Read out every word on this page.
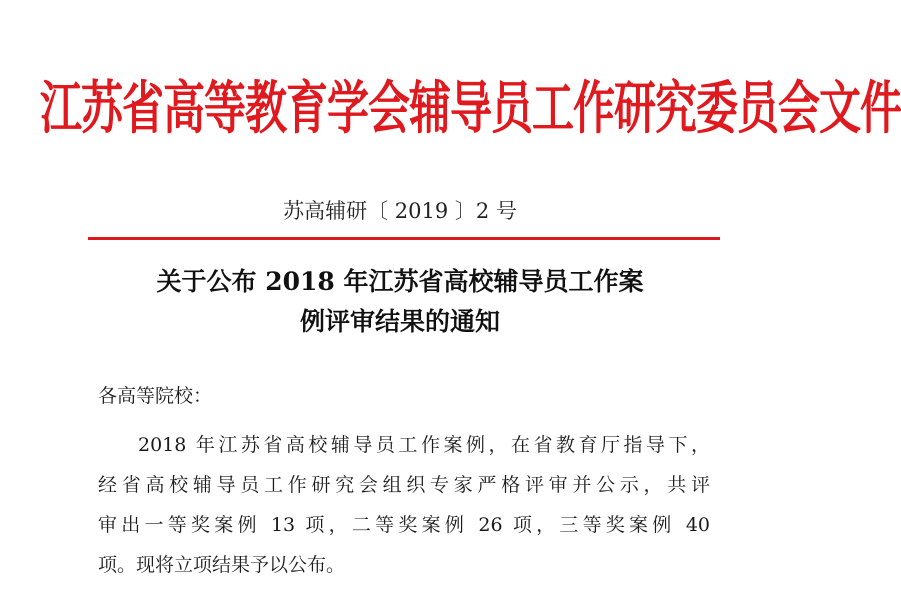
江苏省高等教育学会辅导员工作研究委员会文件
苏高辅研〔 2019 〕2 号
关于公布 2018 年江苏省高校辅导员工作案
例评审结果的通知
各高等院校：
2018 年江苏省高校辅导员工作案例，在省教育厅指导下，
经省高校辅导员工作研究会组织专家严格评审并公示，共评
审出一等奖案例 13 项，二等奖案例 26 项，三等奖案例 40
项。现将立项结果予以公布。
